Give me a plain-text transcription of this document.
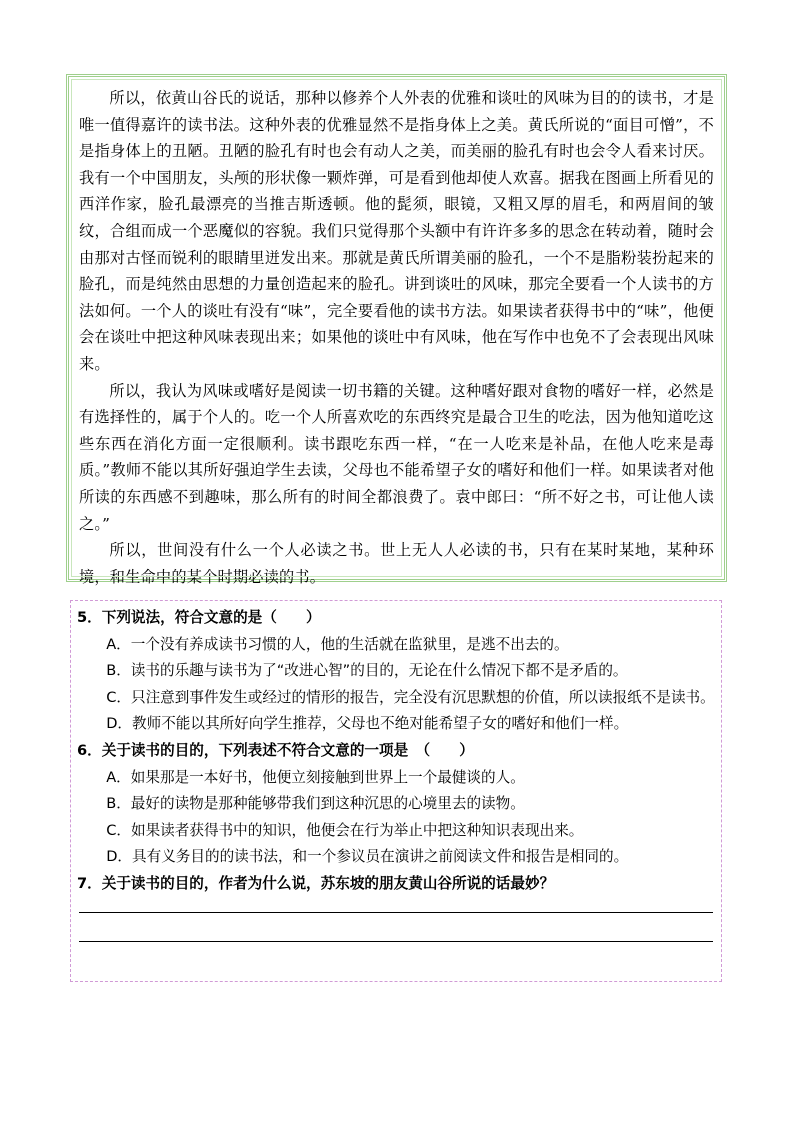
所以，依黄山谷氏的说话，那种以修养个人外表的优雅和谈吐的风味为目的的读书，才是唯一值得嘉许的读书法。这种外表的优雅显然不是指身体上之美。黄氏所说的“面目可憎”，不是指身体上的丑陋。丑陋的脸孔有时也会有动人之美，而美丽的脸孔有时也会令人看来讨厌。我有一个中国朋友，头颅的形状像一颗炸弹，可是看到他却使人欢喜。据我在图画上所看见的西洋作家，脸孔最漂亮的当推吉斯透顿。他的髭须，眼镜，又粗又厚的眉毛，和两眉间的皱纹，合组而成一个恶魔似的容貌。我们只觉得那个头额中有许许多多的思念在转动着，随时会由那对古怪而锐利的眼睛里迸发出来。那就是黄氏所谓美丽的脸孔，一个不是脂粉装扮起来的脸孔，而是纯然由思想的力量创造起来的脸孔。讲到谈吐的风味，那完全要看一个人读书的方法如何。一个人的谈吐有没有“味”，完全要看他的读书方法。如果读者获得书中的“味”，他便会在谈吐中把这种风味表现出来；如果他的谈吐中有风味，他在写作中也免不了会表现出风味来。

所以，我认为风味或嗜好是阅读一切书籍的关键。这种嗜好跟对食物的嗜好一样，必然是有选择性的，属于个人的。吃一个人所喜欢吃的东西终究是最合卫生的吃法，因为他知道吃这些东西在消化方面一定很顺利。读书跟吃东西一样，“在一人吃来是补品，在他人吃来是毒质。”教师不能以其所好强迫学生去读，父母也不能希望子女的嗜好和他们一样。如果读者对他所读的东西感不到趣味，那么所有的时间全都浪费了。袁中郎曰：“所不好之书，可让他人读之。”

所以，世间没有什么一个人必读之书。世上无人人必读的书，只有在某时某地，某种环境，和生命中的某个时期必读的书。

5．下列说法，符合文意的是（　　）

A．一个没有养成读书习惯的人，他的生活就在监狱里，是逃不出去的。

B．读书的乐趣与读书为了“改进心智”的目的，无论在什么情况下都不是矛盾的。

C．只注意到事件发生或经过的情形的报告，完全没有沉思默想的价值，所以读报纸不是读书。

D．教师不能以其所好向学生推荐，父母也不绝对能希望子女的嗜好和他们一样。

6．关于读书的目的，下列表述不符合文意的一项是　（　　）

A．如果那是一本好书，他便立刻接触到世界上一个最健谈的人。

B．最好的读物是那种能够带我们到这种沉思的心境里去的读物。

C．如果读者获得书中的知识，他便会在行为举止中把这种知识表现出来。

D．具有义务目的的读书法，和一个参议员在演讲之前阅读文件和报告是相同的。

7．关于读书的目的，作者为什么说，苏东坡的朋友黄山谷所说的话最妙？
